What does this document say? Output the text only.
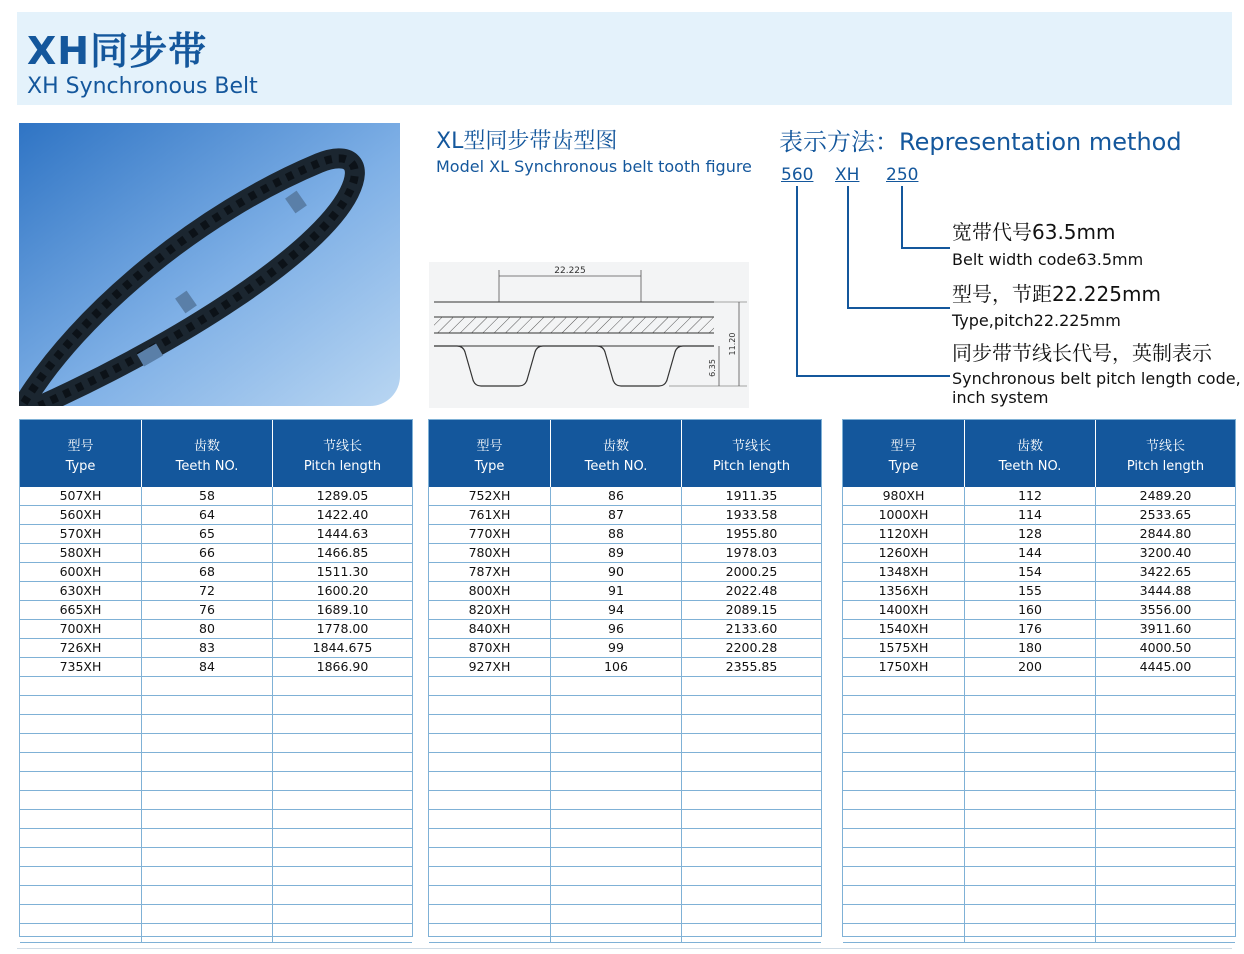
XH同步带
XH Synchronous Belt
XL型同步带齿型图
Model XL Synchronous belt tooth figure
22.225
11.20
6.35
表示方法：Representation method
560 XH 250
宽带代号63.5mm
Belt width code63.5mm
型号，节距22.225mm
Type,pitch22.225mm
同步带节线长代号，英制表示
Synchronous belt pitch length code,
inch system
型号
Type
齿数
Teeth NO.
节线长
Pitch length
507XH	58	1289.05
560XH	64	1422.40
570XH	65	1444.63
580XH	66	1466.85
600XH	68	1511.30
630XH	72	1600.20
665XH	76	1689.10
700XH	80	1778.00
726XH	83	1844.675
735XH	84	1866.90
型号
Type
齿数
Teeth NO.
节线长
Pitch length
752XH	86	1911.35
761XH	87	1933.58
770XH	88	1955.80
780XH	89	1978.03
787XH	90	2000.25
800XH	91	2022.48
820XH	94	2089.15
840XH	96	2133.60
870XH	99	2200.28
927XH	106	2355.85
型号
Type
齿数
Teeth NO.
节线长
Pitch length
980XH	112	2489.20
1000XH	114	2533.65
1120XH	128	2844.80
1260XH	144	3200.40
1348XH	154	3422.65
1356XH	155	3444.88
1400XH	160	3556.00
1540XH	176	3911.60
1575XH	180	4000.50
1750XH	200	4445.00
